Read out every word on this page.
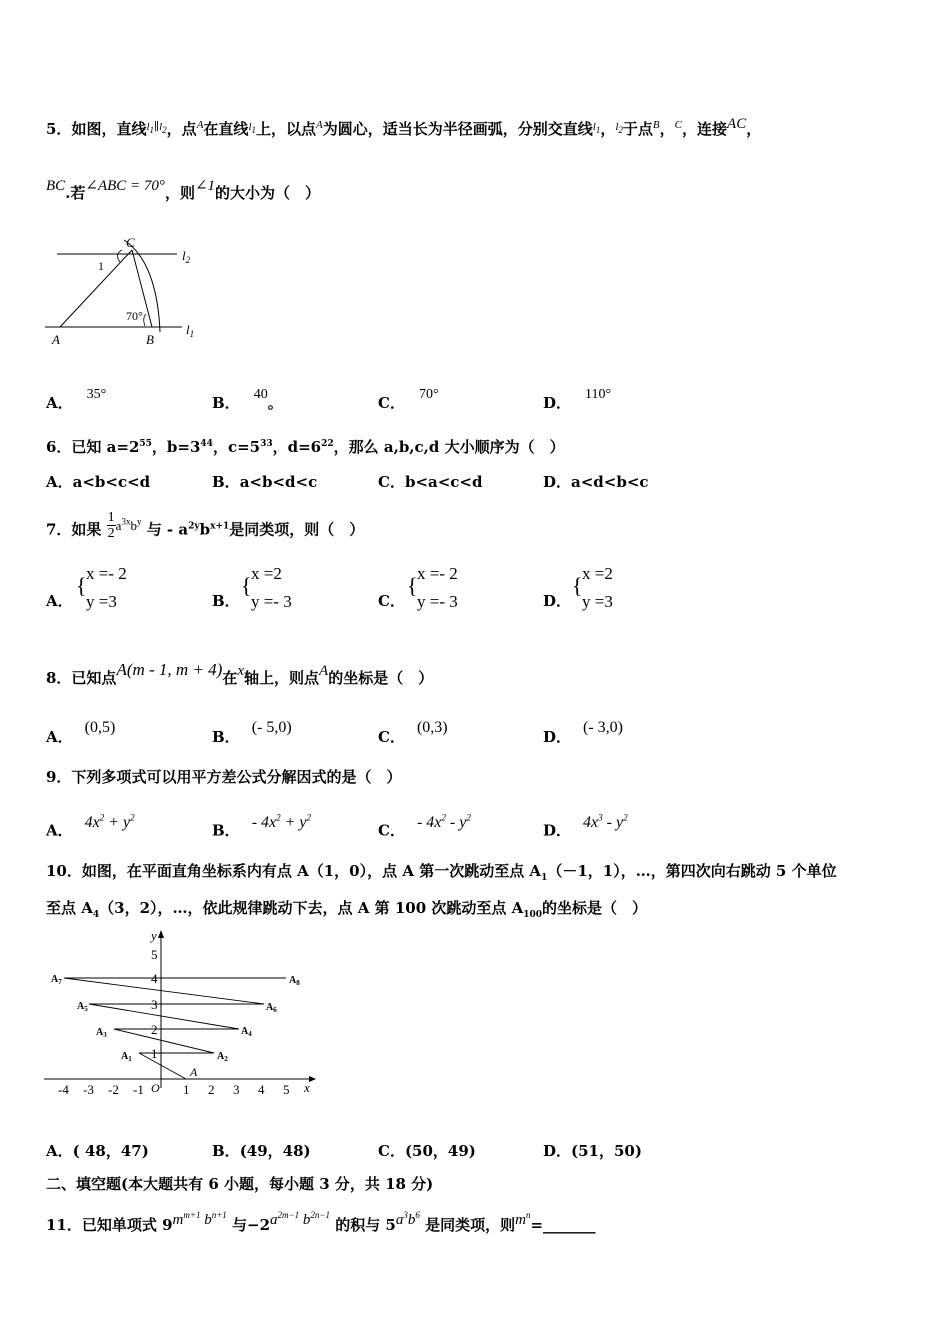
5．如图，直线$^{l_1\parallel l_2}$，点$^A$在直线$^{l_1}$上，以点$^A$为圆心，适当长为半径画弧，分别交直线$^{l_1}$，$^{l_2}$于点$^B$，$^C$，连接AC，
BC.若∠ABC = 70°，则∠1的大小为（　）
C
$l_2$
1
70°
A	B
$l_1$
A． 35°	B． 40。	C． 70°	D． 110°
6．已知 $a=2^{55}$，$b=3^{44}$，$c=5^{33}$，$d=6^{22}$，那么 a,b,c,d 大小顺序为（　）
A．a<b<c<d	B．a<b<d<c	C．b<a<c<d	D．a<d<b<c
7．如果 $\frac{1}{2} a^{3x}b^y$ 与 - $a^{2y}b^{x+1}$是同类项，则（　）
A．
{ x =- 2
y =3	B．
{ x =2
y =- 3	C．
{ x =- 2
y =- 3	D．
{ x =2
y =3
8．已知点A(m - 1, m + 4)在x轴上，则点A的坐标是（　）
A．(0,5)
B．(- 5,0)
C．(0,3)
D．(- 3,0)
9．下列多项式可以用平方差公式分解因式的是（　）
A． $4x^2 + y^2$
B． - $4x^2 + y^2$
C． - $4x^2 - y^2$
D． $4x^3 - y^2$
10．如图，在平面直角坐标系内有点 A（1，0），点 A 第一次跳动至点 $A_1(-1$，1），…，第四次向右跳动 5 个单位
至点 $A_4(3$，2），…，依此规律跳动下去，点 A 第 100 次跳动至点 $A_{100}$的坐标是（　）
-4 -3 -2 -1	1 2 3 4 5
1
2
3
4
5
x
y
O
A
$A_1$	$A_2$
$A_3$	$A_4$
$A_5$	$A_6$
$A_7$	$A_8$
A．( 48，47)	B．(49，48)	C．(50，49)	D．(51，50)
二、填空题(本大题共有 6 小题，每小题 3 分，共 18 分)
11．已知单项式 $9m^{m+1}$ $b^{n+1}$ 与$-2a^{2m-1}$ $b^{2n-1}$ 的积与 $5a^3b^6$ 是同类项，则$m^n=\_\_\_\_\_\_\_$
